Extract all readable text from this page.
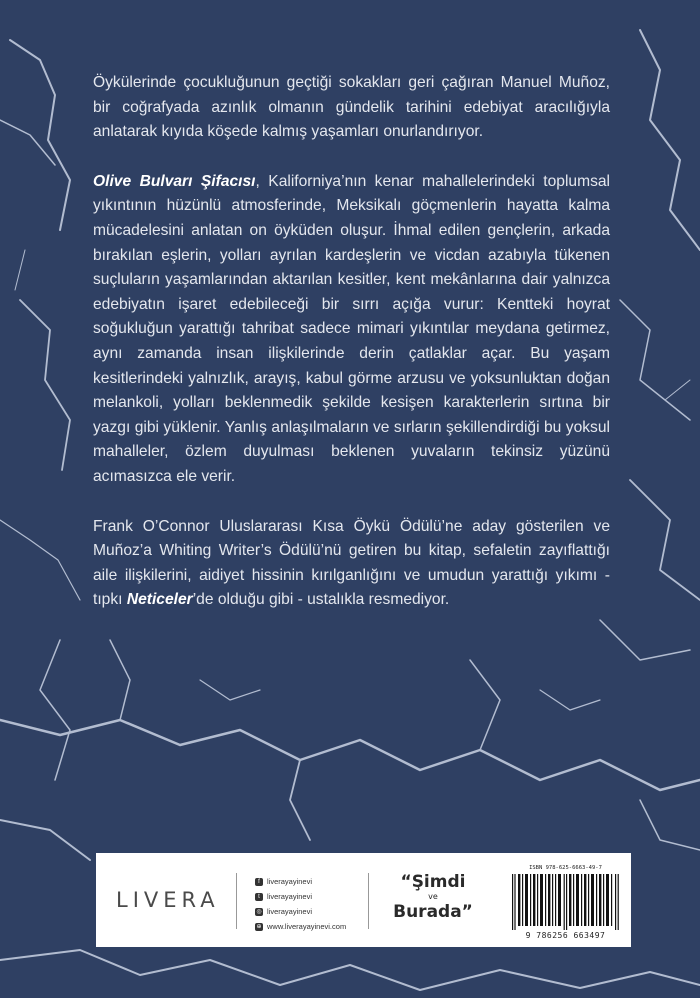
Öykülerinde çocukluğunun geçtiği sokakları geri çağıran Manuel Muñoz, bir coğrafyada azınlık olmanın gündelik tarihini edebiyat aracılığıyla anlatarak kıyıda köşede kalmış yaşamları onurlandırıyor.

Olive Bulvarı Şifacısı, Kaliforniya’nın kenar mahallelerindeki toplumsal yıkıntının hüzünlü atmosferinde, Meksikalı göçmenlerin hayatta kalma mücadelesini anlatan on öyküden oluşur. İhmal edilen gençlerin, arkada bırakılan eşlerin, yolları ayrılan kardeşlerin ve vicdan azabıyla tükenen suçluların yaşamlarından aktarılan kesitler, kent mekânlarına dair yalnızca edebiyatın işaret edebileceği bir sırrı açığa vurur: Kentteki hoyrat soğukluğun yarattığı tahribat sadece mimari yıkıntılar meydana getirmez, aynı zamanda insan ilişkilerinde derin çatlaklar açar. Bu yaşam kesitlerindeki yalnızlık, arayış, kabul görme arzusu ve yoksunluktan doğan melankoli, yolları beklenmedik şekilde kesişen karakterlerin sırtına bir yazgı gibi yüklenir. Yanlış anlaşılmaların ve sırların şekillendirdiği bu yoksul mahalleler, özlem duyulması beklenen yuvaların tekinsiz yüzünü acımasızca ele verir.

Frank O’Connor Uluslararası Kısa Öykü Ödülü’ne aday gösterilen ve Muñoz’a Whiting Writer’s Ödülü’nü getiren bu kitap, sefaletin zayıflattığı aile ilişkilerini, aidiyet hissinin kırılganlığını ve umudun yarattığı yıkımı - tıpkı Neticeler’de olduğu gibi - ustalıkla resmediyor.

LIVERA
f liverayayinevi
t liverayayinevi
◎ liverayayinevi
⊕ www.liverayayinevi.com
“Şimdi
ve
Burada”
ISBN 978-625-6663-49-7
9 786256 663497
